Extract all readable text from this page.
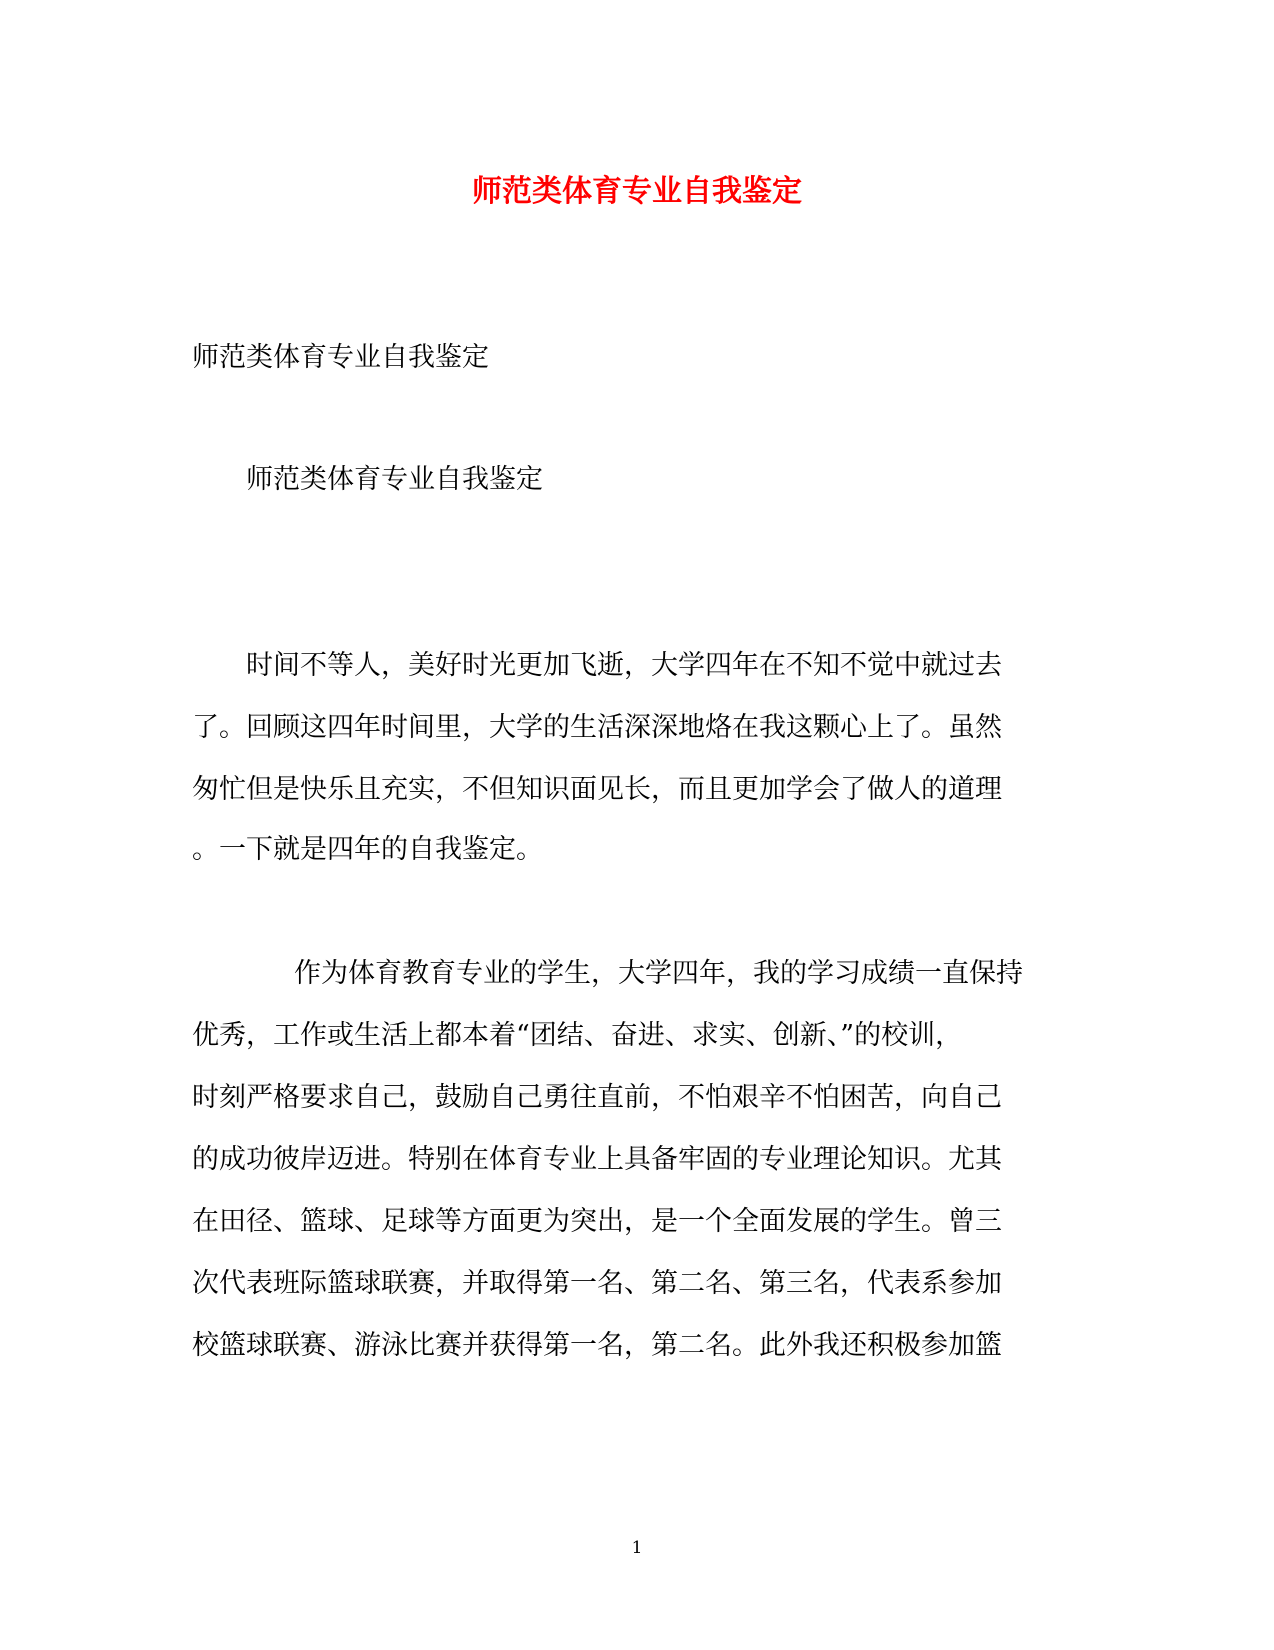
师范类体育专业自我鉴定

师范类体育专业自我鉴定

师范类体育专业自我鉴定

时间不等人，美好时光更加飞逝，大学四年在不知不觉中就过去

了。回顾这四年时间里，大学的生活深深地烙在我这颗心上了。虽然

匆忙但是快乐且充实，不但知识面见长，而且更加学会了做人的道理

。一下就是四年的自我鉴定。

作为体育教育专业的学生，大学四年，我的学习成绩一直保持

优秀，工作或生活上都本着“团结、奋进、求实、创新、”的校训，

时刻严格要求自己，鼓励自己勇往直前，不怕艰辛不怕困苦，向自己

的成功彼岸迈进。特别在体育专业上具备牢固的专业理论知识。尤其

在田径、篮球、足球等方面更为突出，是一个全面发展的学生。曾三

次代表班际篮球联赛，并取得第一名、第二名、第三名，代表系参加

校篮球联赛、游泳比赛并获得第一名，第二名。此外我还积极参加篮

1
